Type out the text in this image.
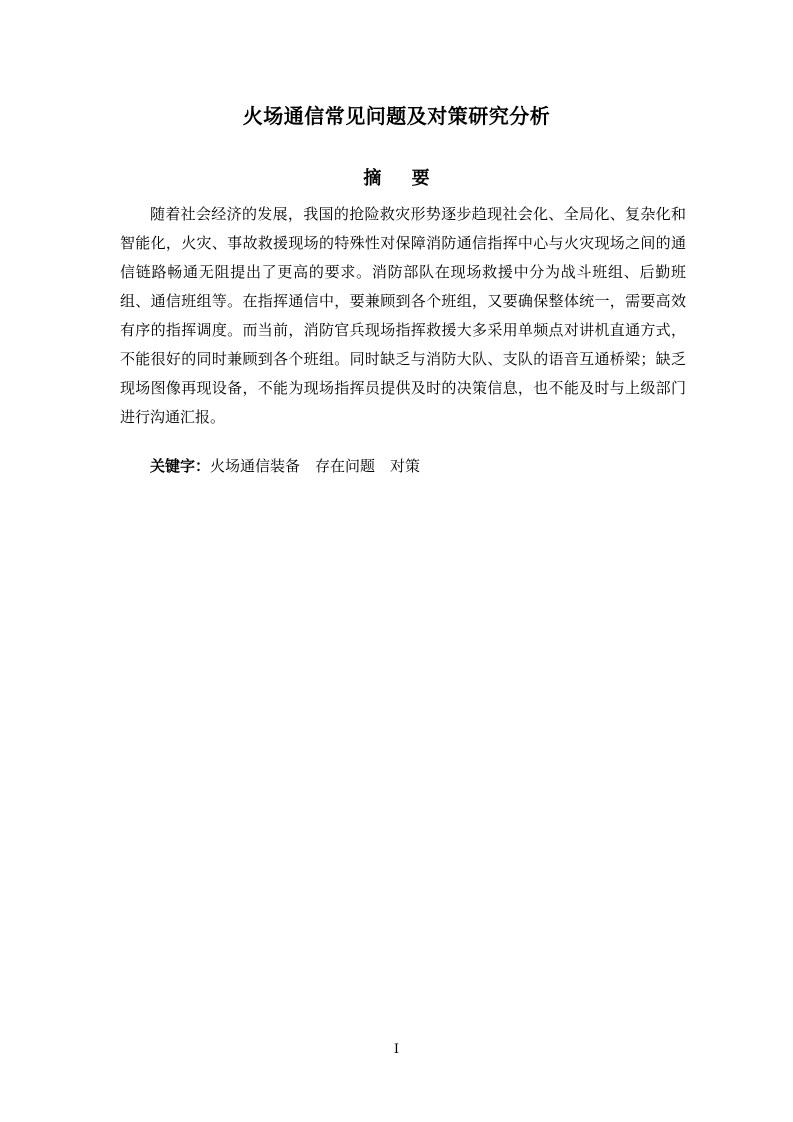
火场通信常见问题及对策研究分析
摘 要

随着社会经济的发展，我国的抢险救灾形势逐步趋现社会化、全局化、复杂化和智能化，火灾、事故救援现场的特殊性对保障消防通信指挥中心与火灾现场之间的通信链路畅通无阻提出了更高的要求。消防部队在现场救援中分为战斗班组、后勤班组、通信班组等。在指挥通信中，要兼顾到各个班组，又要确保整体统一，需要高效有序的指挥调度。而当前，消防官兵现场指挥救援大多采用单频点对讲机直通方式，不能很好的同时兼顾到各个班组。同时缺乏与消防大队、支队的语音互通桥梁；缺乏现场图像再现设备，不能为现场指挥员提供及时的决策信息，也不能及时与上级部门进行沟通汇报。

关键字：火场通信装备 存在问题 对策

I
